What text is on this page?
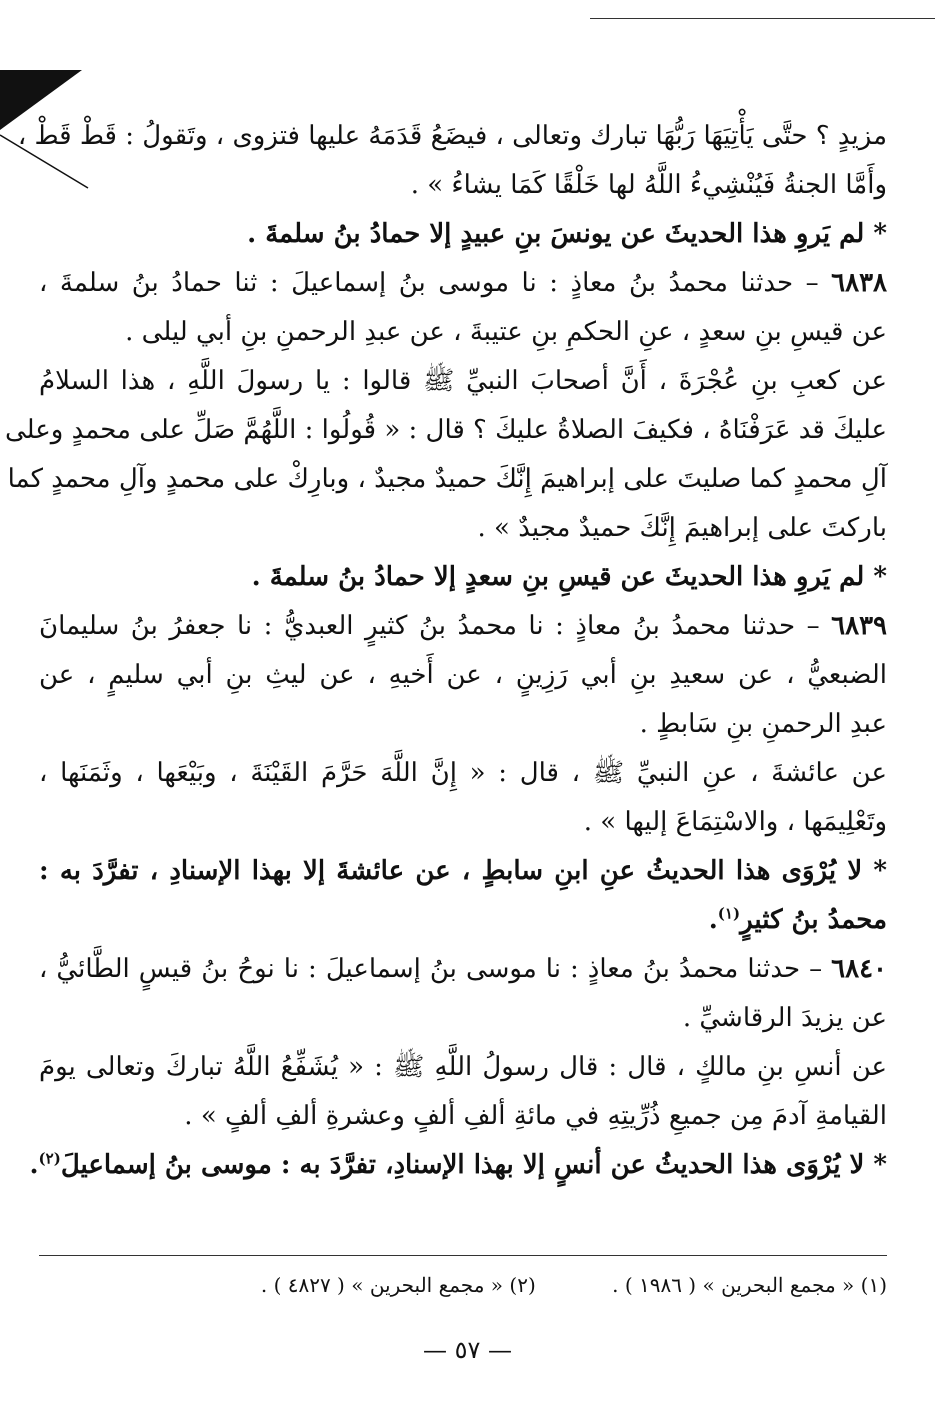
مزيدٍ ؟ حتَّى يَأْتِيَهَا رَبُّهَا تبارك وتعالى ، فيضَعُ قَدَمَهُ عليها فتزوى ، وتَقولُ : قَطْ قَطْ ،
وأَمَّا الجنةُ فَيُنْشِيءُ اللَّهُ لها خَلْقًا كَمَا يشاءُ » .
* لم يَروِ هذا الحديثَ عن يونسَ بنِ عبيدٍ إلا حمادُ بنُ سلمةَ .
٦٨٣٨ – حدثنا محمدُ بنُ معاذٍ : نا موسى بنُ إسماعيلَ : ثنا حمادُ بنُ سلمةَ ،
عن قيسِ بنِ سعدٍ ، عنِ الحكمِ بنِ عتيبةَ ، عن عبدِ الرحمنِ بنِ أبي ليلى .
عن كعبِ بنِ عُجْرَةَ ، أَنَّ أصحابَ النبيِّ ﷺ قالوا : يا رسولَ اللَّهِ ، هذا السلامُ
عليكَ قد عَرَفْنَاهُ ، فكيفَ الصلاةُ عليكَ ؟ قال : « قُولُوا : اللَّهُمَّ صَلِّ على محمدٍ وعلى
آلِ محمدٍ كما صليتَ على إبراهيمَ إِنَّكَ حميدٌ مجيدٌ ، وبارِكْ على محمدٍ وآلِ محمدٍ كما
باركتَ على إبراهيمَ إِنَّكَ حميدٌ مجيدٌ » .
* لم يَروِ هذا الحديثَ عن قيسِ بنِ سعدٍ إلا حمادُ بنُ سلمةَ .
٦٨٣٩ – حدثنا محمدُ بنُ معاذٍ : نا محمدُ بنُ كثيرٍ العبديُّ : نا جعفرُ بنُ سليمانَ
الضبعيُّ ، عن سعيدِ بنِ أبي رَزِينٍ ، عن أَخيهِ ، عن ليثِ بنِ أبي سليمٍ ، عن
عبدِ الرحمنِ بنِ سَابطٍ .
عن عائشةَ ، عنِ النبيِّ ﷺ ، قال : « إِنَّ اللَّهَ حَرَّمَ القَيْنَةَ ، وبَيْعَها ، وثَمَنَها ،
وتَعْلِيمَها ، والاسْتِمَاعَ إليها » .
* لا يُرْوَى هذا الحديثُ عنِ ابنِ سابطٍ ، عن عائشةَ إلا بهذا الإسنادِ ، تفرَّدَ به :
محمدُ بنُ كثيرٍ$^{(١)}$.
٦٨٤٠ – حدثنا محمدُ بنُ معاذٍ : نا موسى بنُ إسماعيلَ : نا نوحُ بنُ قيسٍ الطَّائيُّ ،
عن يزيدَ الرقاشيِّ .
عن أنسِ بنِ مالكٍ ، قال : قال رسولُ اللَّهِ ﷺ : « يُشَفِّعُ اللَّهُ تباركَ وتعالى يومَ
القيامةِ آدمَ مِن جميعِ ذُرِّيتِهِ في مائةِ ألفِ ألفٍ وعشرةِ ألفِ ألفٍ » .
* لا يُرْوَى هذا الحديثُ عن أنسٍ إلا بهذا الإسنادِ، تفرَّدَ به : موسى بنُ إسماعيلَ$^{(٢)}$.
(١) « مجمع البحرين » ( ١٩٨٦ ) . (٢) « مجمع البحرين » ( ٤٨٢٧ ) .
— ٥٧ —
